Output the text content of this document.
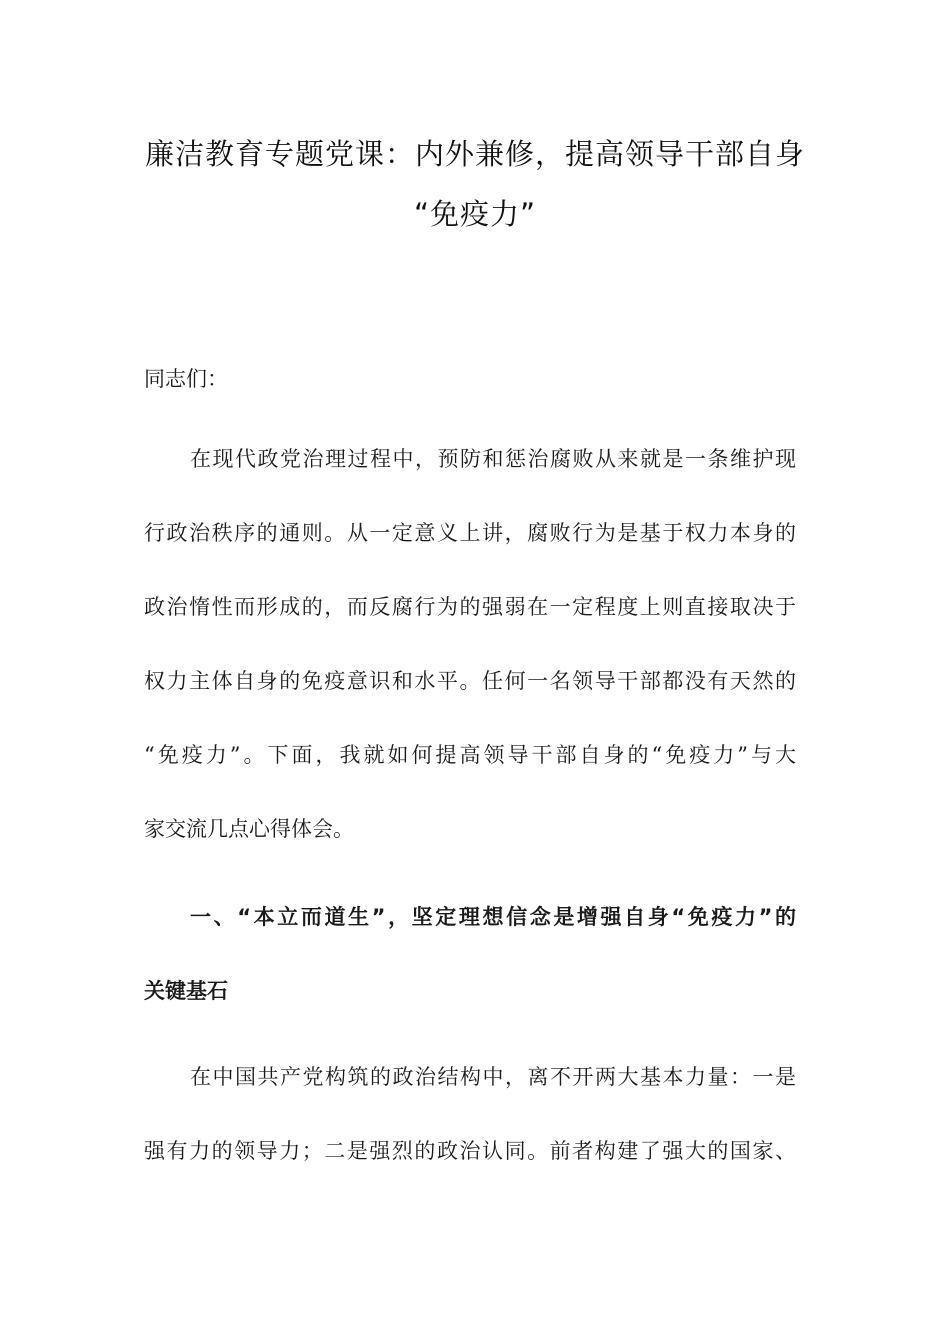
廉洁教育专题党课：内外兼修，提高领导干部自身
“免疫力”
同志们：
在现代政党治理过程中，预防和惩治腐败从来就是一条维护现
行政治秩序的通则。从一定意义上讲，腐败行为是基于权力本身的
政治惰性而形成的，而反腐行为的强弱在一定程度上则直接取决于
权力主体自身的免疫意识和水平。任何一名领导干部都没有天然的
“免疫力”。下面，我就如何提高领导干部自身的“免疫力”与大
家交流几点心得体会。
一、“本立而道生”，坚定理想信念是增强自身“免疫力”的
关键基石
在中国共产党构筑的政治结构中，离不开两大基本力量：一是
强有力的领导力；二是强烈的政治认同。前者构建了强大的国家、
